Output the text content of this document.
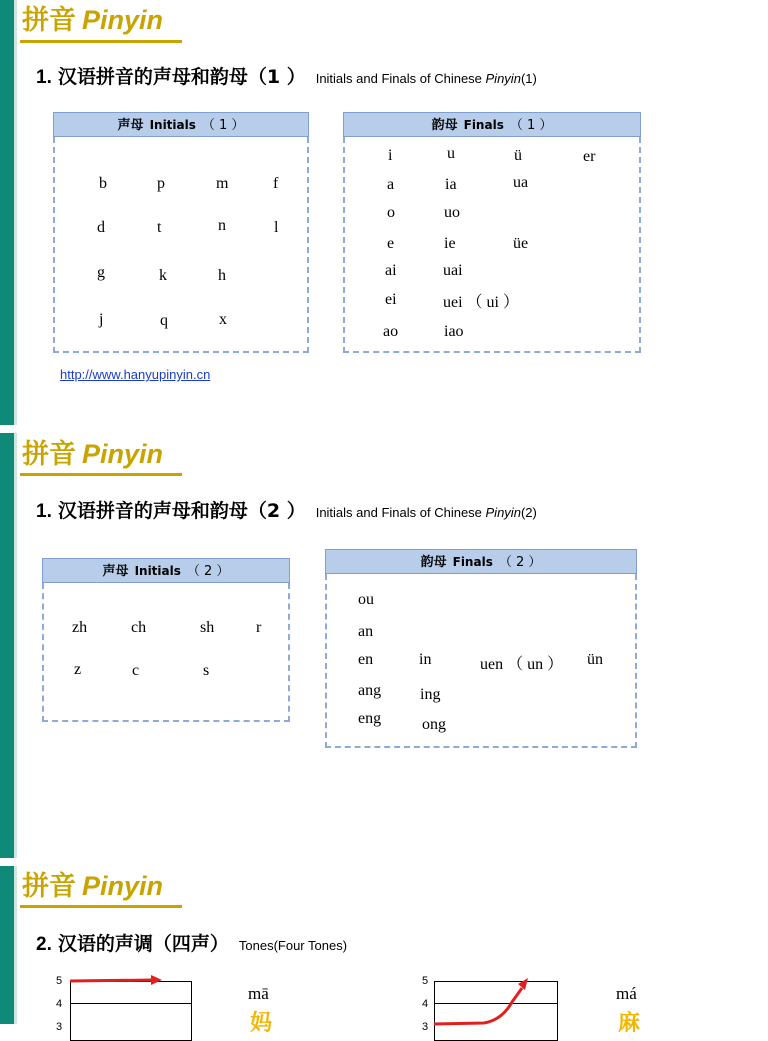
拼音 Pinyin
1. 汉语拼音的声母和韵母（1 ） Initials and Finals of Chinese Pinyin(1)
声母 Initials （ 1 ）
b	p	m	f
d	t	n	l
g	k	h
j	q	x
韵母 Finals （ 1 ）
i	u	ü	er
a	ia	ua
o	uo
e	ie	üe
ai	uai
ei	uei （ ui ）
ao	iao
http://www.hanyupinyin.cn
拼音 Pinyin
1. 汉语拼音的声母和韵母（2 ） Initials and Finals of Chinese Pinyin(2)
声母 Initials （ 2 ）
zh	ch	sh	r
z	c	s
韵母 Finals （ 2 ）
ou
an
en	in	uen （ un ） ün
ang ing
eng	ong
拼音 Pinyin
2. 汉语的声调（四声） Tones(Four Tones)
5
4
3
mā
妈
5
4
3
má
麻
